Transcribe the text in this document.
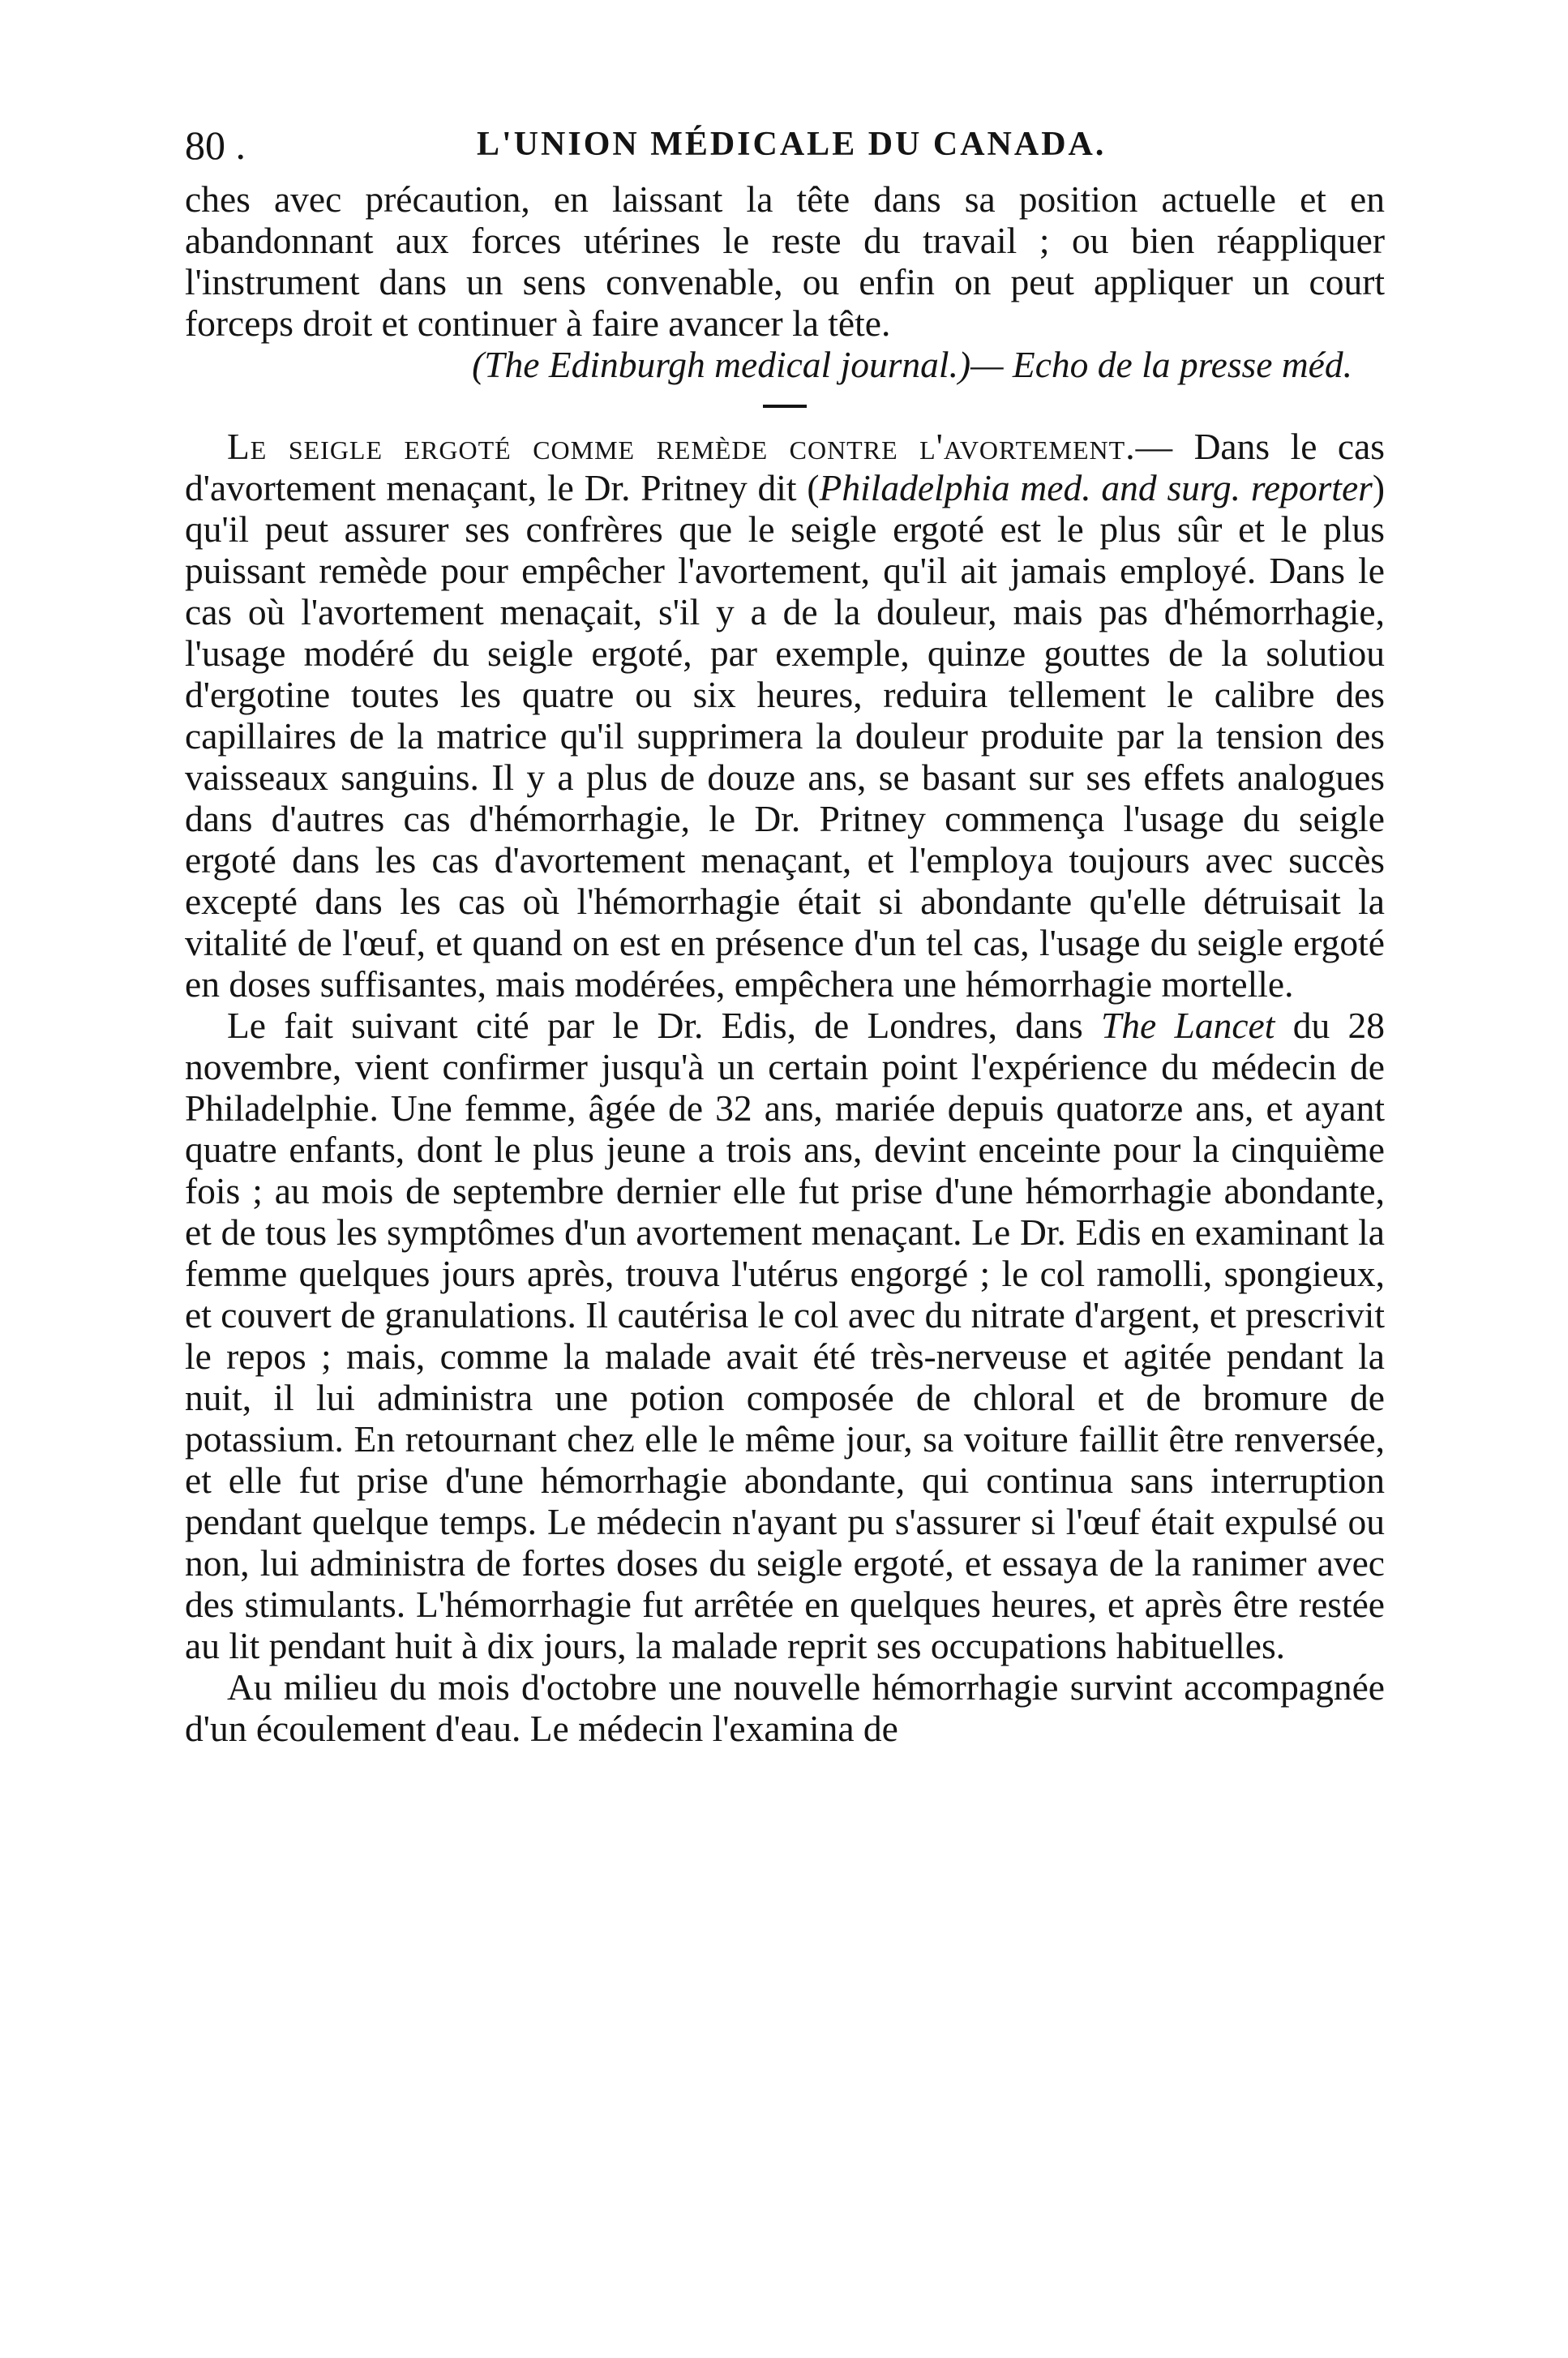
80 .	L'UNION MÉDICALE DU CANADA.

ches avec précaution, en laissant la tête dans sa position actuelle et en abandonnant aux forces utérines le reste du travail ; ou bien réappliquer l'instrument dans un sens convenable, ou enfin on peut appliquer un court forceps droit et continuer à faire avancer la tête.

(The Edinburgh medical journal.)— Echo de la presse méd.

Le seigle ergoté comme remède contre l'avortement.— Dans le cas d'avortement menaçant, le Dr. Pritney dit (Philadelphia med. and surg. reporter) qu'il peut assurer ses confrères que le seigle ergoté est le plus sûr et le plus puissant remède pour empêcher l'avortement, qu'il ait jamais employé. Dans le cas où l'avortement menaçait, s'il y a de la douleur, mais pas d'hémorrhagie, l'usage modéré du seigle ergoté, par exemple, quinze gouttes de la solutiou d'ergotine toutes les quatre ou six heures, reduira tellement le calibre des capillaires de la matrice qu'il supprimera la douleur produite par la tension des vaisseaux sanguins. Il y a plus de douze ans, se basant sur ses effets analogues dans d'autres cas d'hémorrhagie, le Dr. Pritney commença l'usage du seigle ergoté dans les cas d'avortement menaçant, et l'employa toujours avec succès excepté dans les cas où l'hémorrhagie était si abondante qu'elle détruisait la vitalité de l'œuf, et quand on est en présence d'un tel cas, l'usage du seigle ergoté en doses suffisantes, mais modérées, empêchera une hémorrhagie mortelle.

Le fait suivant cité par le Dr. Edis, de Londres, dans The Lancet du 28 novembre, vient confirmer jusqu'à un certain point l'expérience du médecin de Philadelphie. Une femme, âgée de 32 ans, mariée depuis quatorze ans, et ayant quatre enfants, dont le plus jeune a trois ans, devint enceinte pour la cinquième fois ; au mois de septembre dernier elle fut prise d'une hémorrhagie abondante, et de tous les symptômes d'un avortement menaçant. Le Dr. Edis en examinant la femme quelques jours après, trouva l'utérus engorgé ; le col ramolli, spongieux, et couvert de granulations. Il cautérisa le col avec du nitrate d'argent, et prescrivit le repos ; mais, comme la malade avait été très-nerveuse et agitée pendant la nuit, il lui administra une potion composée de chloral et de bromure de potassium. En retournant chez elle le même jour, sa voiture faillit être renversée, et elle fut prise d'une hémorrhagie abondante, qui continua sans interruption pendant quelque temps. Le médecin n'ayant pu s'assurer si l'œuf était expulsé ou non, lui administra de fortes doses du seigle ergoté, et essaya de la ranimer avec des stimulants. L'hémorrhagie fut arrêtée en quelques heures, et après être restée au lit pendant huit à dix jours, la malade reprit ses occupations habituelles.

Au milieu du mois d'octobre une nouvelle hémorrhagie survint accompagnée d'un écoulement d'eau. Le médecin l'examina de
